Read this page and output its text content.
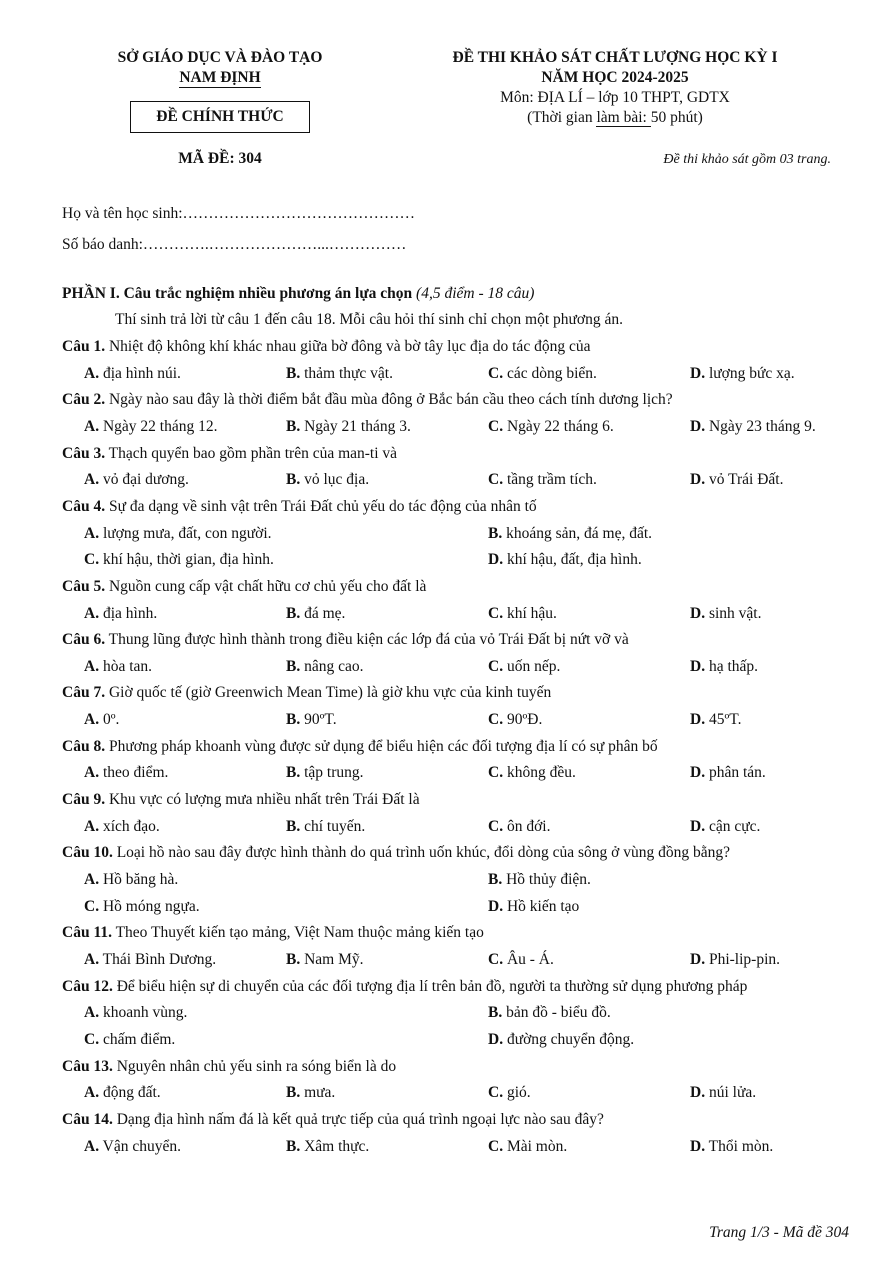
SỞ GIÁO DỤC VÀ ĐÀO TẠO
NAM ĐỊNH
ĐỀ CHÍNH THỨC
MÃ ĐỀ: 304
ĐỀ THI KHẢO SÁT CHẤT LƯỢNG HỌC KỲ I
NĂM HỌC 2024-2025
Môn: ĐỊA LÍ – lớp 10 THPT, GDTX
(Thời gian làm bài: 50 phút)
Đề thi khảo sát gồm 03 trang.
Họ và tên học sinh:………………………………………
Số báo danh:………….…………………...……………
PHẦN I. Câu trắc nghiệm nhiều phương án lựa chọn (4,5 điểm - 18 câu)
Thí sinh trả lời từ câu 1 đến câu 18. Mỗi câu hỏi thí sinh chỉ chọn một phương án.
Câu 1. Nhiệt độ không khí khác nhau giữa bờ đông và bờ tây lục địa do tác động của
A. địa hình núi.	B. thảm thực vật.	C. các dòng biển.	D. lượng bức xạ.
Câu 2. Ngày nào sau đây là thời điểm bắt đầu mùa đông ở Bắc bán cầu theo cách tính dương lịch?
A. Ngày 22 tháng 12.	B. Ngày 21 tháng 3.	C. Ngày 22 tháng 6.	D. Ngày 23 tháng 9.
Câu 3. Thạch quyển bao gồm phần trên của man-ti và
A. vỏ đại dương.	B. vỏ lục địa.	C. tầng trầm tích.	D. vỏ Trái Đất.
Câu 4. Sự đa dạng về sinh vật trên Trái Đất chủ yếu do tác động của nhân tố
A. lượng mưa, đất, con người.	B. khoáng sản, đá mẹ, đất.
C. khí hậu, thời gian, địa hình.	D. khí hậu, đất, địa hình.
Câu 5. Nguồn cung cấp vật chất hữu cơ chủ yếu cho đất là
A. địa hình.	B. đá mẹ.	C. khí hậu.	D. sinh vật.
Câu 6. Thung lũng được hình thành trong điều kiện các lớp đá của vỏ Trái Đất bị nứt vỡ và
A. hòa tan.	B. nâng cao.	C. uốn nếp.	D. hạ thấp.
Câu 7. Giờ quốc tế (giờ Greenwich Mean Time) là giờ khu vực của kinh tuyến
A. 0º.	B. 90ºT.	C. 90ºĐ.	D. 45ºT.
Câu 8. Phương pháp khoanh vùng được sử dụng để biểu hiện các đối tượng địa lí có sự phân bố
A. theo điểm.	B. tập trung.	C. không đều.	D. phân tán.
Câu 9. Khu vực có lượng mưa nhiều nhất trên Trái Đất là
A. xích đạo.	B. chí tuyến.	C. ôn đới.	D. cận cực.
Câu 10. Loại hồ nào sau đây được hình thành do quá trình uốn khúc, đổi dòng của sông ở vùng đồng bằng?
A. Hồ băng hà.	B. Hồ thủy điện.
C. Hồ móng ngựa.	D. Hồ kiến tạo
Câu 11. Theo Thuyết kiến tạo mảng, Việt Nam thuộc mảng kiến tạo
A. Thái Bình Dương.	B. Nam Mỹ.	C. Âu - Á.	D. Phi-lip-pin.
Câu 12. Để biểu hiện sự di chuyển của các đối tượng địa lí trên bản đồ, người ta thường sử dụng phương pháp
A. khoanh vùng.	B. bản đồ - biểu đồ.
C. chấm điểm.	D. đường chuyển động.
Câu 13. Nguyên nhân chủ yếu sinh ra sóng biển là do
A. động đất.	B. mưa.	C. gió.	D. núi lửa.
Câu 14. Dạng địa hình nấm đá là kết quả trực tiếp của quá trình ngoại lực nào sau đây?
A. Vận chuyển.	B. Xâm thực.	C. Mài mòn.	D. Thổi mòn.
Trang 1/3 - Mã đề 304
